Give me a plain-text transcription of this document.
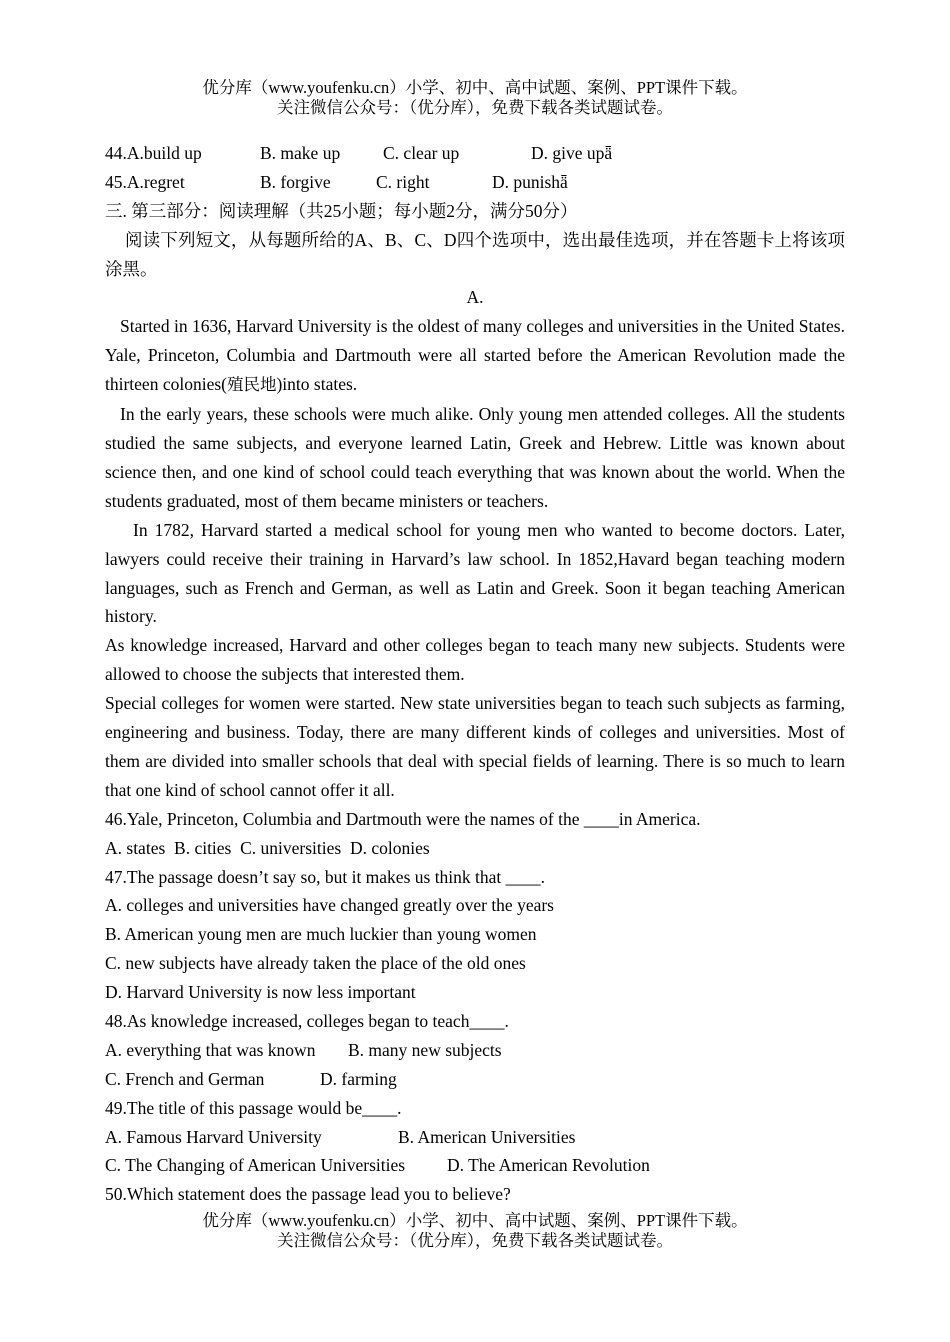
优分库（www.youfenku.cn）小学、初中、高中试题、案例、PPT课件下载。
关注微信公众号：（优分库），免费下载各类试题试卷。
44.A.build up	B. make up C. clear up	D. give upǟ
45.A.regret	B. forgive	C. right	D. punishǟ
三. 第三部分：阅读理解（共25小题；每小题2分，满分50分）
阅读下列短文，从每题所给的A、B、C、D四个选项中，选出最佳选项，并在答题卡上将该项涂黑。
A.
Started in 1636, Harvard University is the oldest of many colleges and universities in the United States. Yale, Princeton, Columbia and Dartmouth were all started before the American Revolution made the thirteen colonies(殖民地)into states.
In the early years, these schools were much alike. Only young men attended colleges. All the students studied the same subjects, and everyone learned Latin, Greek and Hebrew. Little was known about science then, and one kind of school could teach everything that was known about the world. When the students graduated, most of them became ministers or teachers.
In 1782, Harvard started a medical school for young men who wanted to become doctors. Later, lawyers could receive their training in Harvard’s law school. In 1852,Havard began teaching modern languages, such as French and German, as well as Latin and Greek. Soon it began teaching American history.
As knowledge increased, Harvard and other colleges began to teach many new subjects. Students were allowed to choose the subjects that interested them.
Special colleges for women were started. New state universities began to teach such subjects as farming, engineering and business. Today, there are many different kinds of colleges and universities. Most of them are divided into smaller schools that deal with special fields of learning. There is so much to learn that one kind of school cannot offer it all.
46.Yale, Princeton, Columbia and Dartmouth were the names of the ____in America.
A. states  B. cities  C. universities  D. colonies
47.The passage doesn’t say so, but it makes us think that ____.
A. colleges and universities have changed greatly over the years
B. American young men are much luckier than young women
C. new subjects have already taken the place of the old ones
D. Harvard University is now less important
48.As knowledge increased, colleges began to teach____.
A. everything that was known B. many new subjects
C. French and German	D. farming
49.The title of this passage would be____.
A. Famous Harvard University	B. American Universities
C. The Changing of American Universities D. The American Revolution
50.Which statement does the passage lead you to believe?
优分库（www.youfenku.cn）小学、初中、高中试题、案例、PPT课件下载。
关注微信公众号：（优分库），免费下载各类试题试卷。
